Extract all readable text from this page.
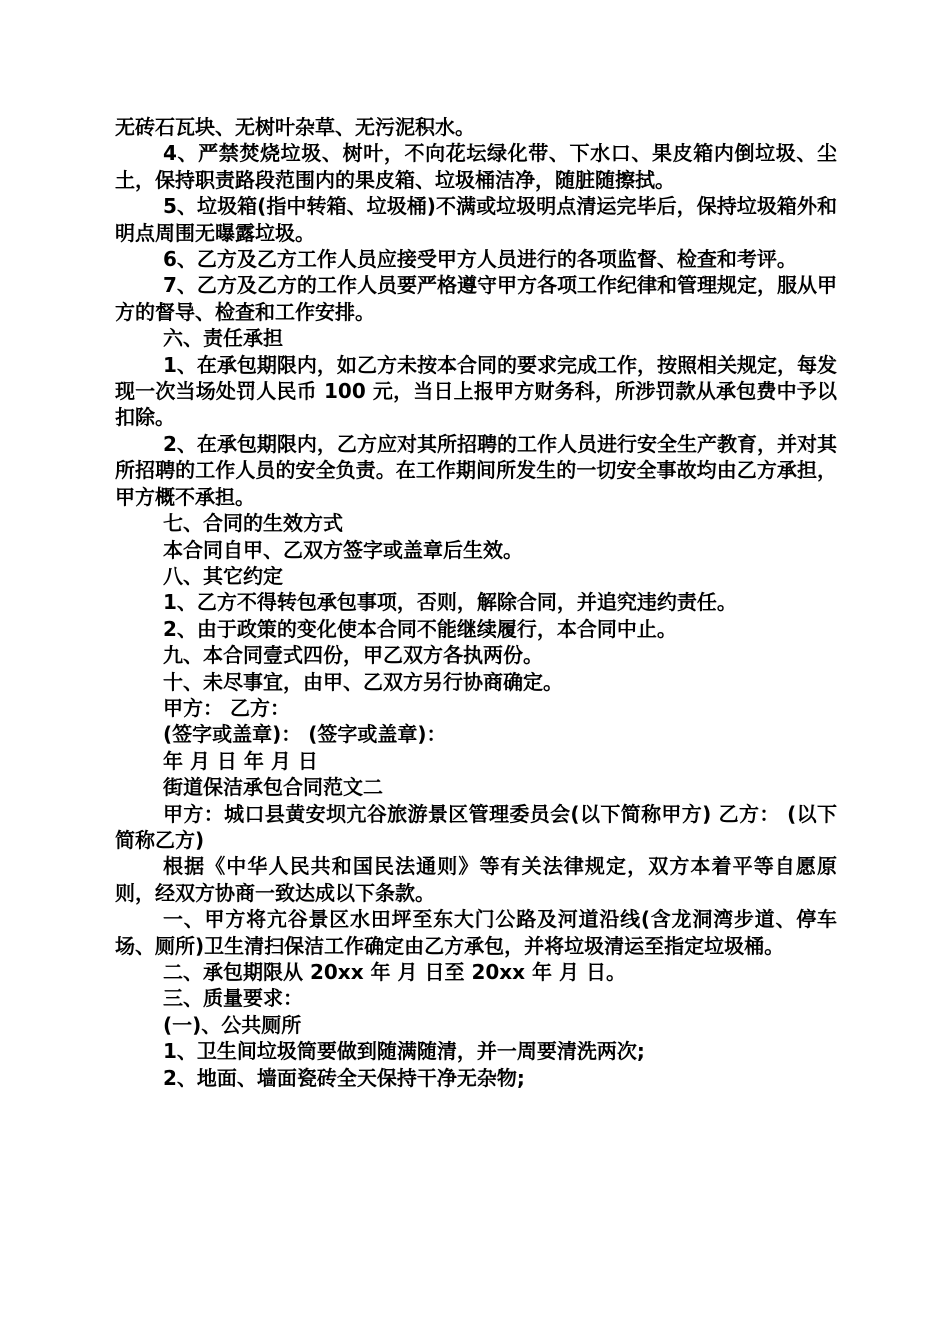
无砖石瓦块、无树叶杂草、无污泥积水。

4、严禁焚烧垃圾、树叶，不向花坛绿化带、下水口、果皮箱内倒垃圾、尘土，保持职责路段范围内的果皮箱、垃圾桶洁净，随脏随擦拭。

5、垃圾箱(指中转箱、垃圾桶)不满或垃圾明点清运完毕后，保持垃圾箱外和明点周围无曝露垃圾。

6、乙方及乙方工作人员应接受甲方人员进行的各项监督、检查和考评。

7、乙方及乙方的工作人员要严格遵守甲方各项工作纪律和管理规定，服从甲方的督导、检查和工作安排。

六、责任承担

1、在承包期限内，如乙方未按本合同的要求完成工作，按照相关规定，每发现一次当场处罚人民币 100 元，当日上报甲方财务科，所涉罚款从承包费中予以扣除。

2、在承包期限内，乙方应对其所招聘的工作人员进行安全生产教育，并对其所招聘的工作人员的安全负责。在工作期间所发生的一切安全事故均由乙方承担，甲方概不承担。

七、合同的生效方式

本合同自甲、乙双方签字或盖章后生效。

八、其它约定

1、乙方不得转包承包事项，否则，解除合同，并追究违约责任。

2、由于政策的变化使本合同不能继续履行，本合同中止。

九、本合同壹式四份，甲乙双方各执两份。

十、未尽事宜，由甲、乙双方另行协商确定。

甲方： 乙方：

(签字或盖章)： (签字或盖章)：

年 月 日 年 月 日

街道保洁承包合同范文二

甲方：城口县黄安坝亢谷旅游景区管理委员会(以下简称甲方) 乙方： (以下简称乙方)

根据《中华人民共和国民法通则》等有关法律规定，双方本着平等自愿原则，经双方协商一致达成以下条款。

一、甲方将亢谷景区水田坪至东大门公路及河道沿线(含龙洞湾步道、停车场、厕所)卫生清扫保洁工作确定由乙方承包，并将垃圾清运至指定垃圾桶。

二、承包期限从 20xx 年 月 日至 20xx 年 月 日。

三、质量要求：

(一)、公共厕所

1、卫生间垃圾筒要做到随满随清，并一周要清洗两次;

2、地面、墙面瓷砖全天保持干净无杂物;
